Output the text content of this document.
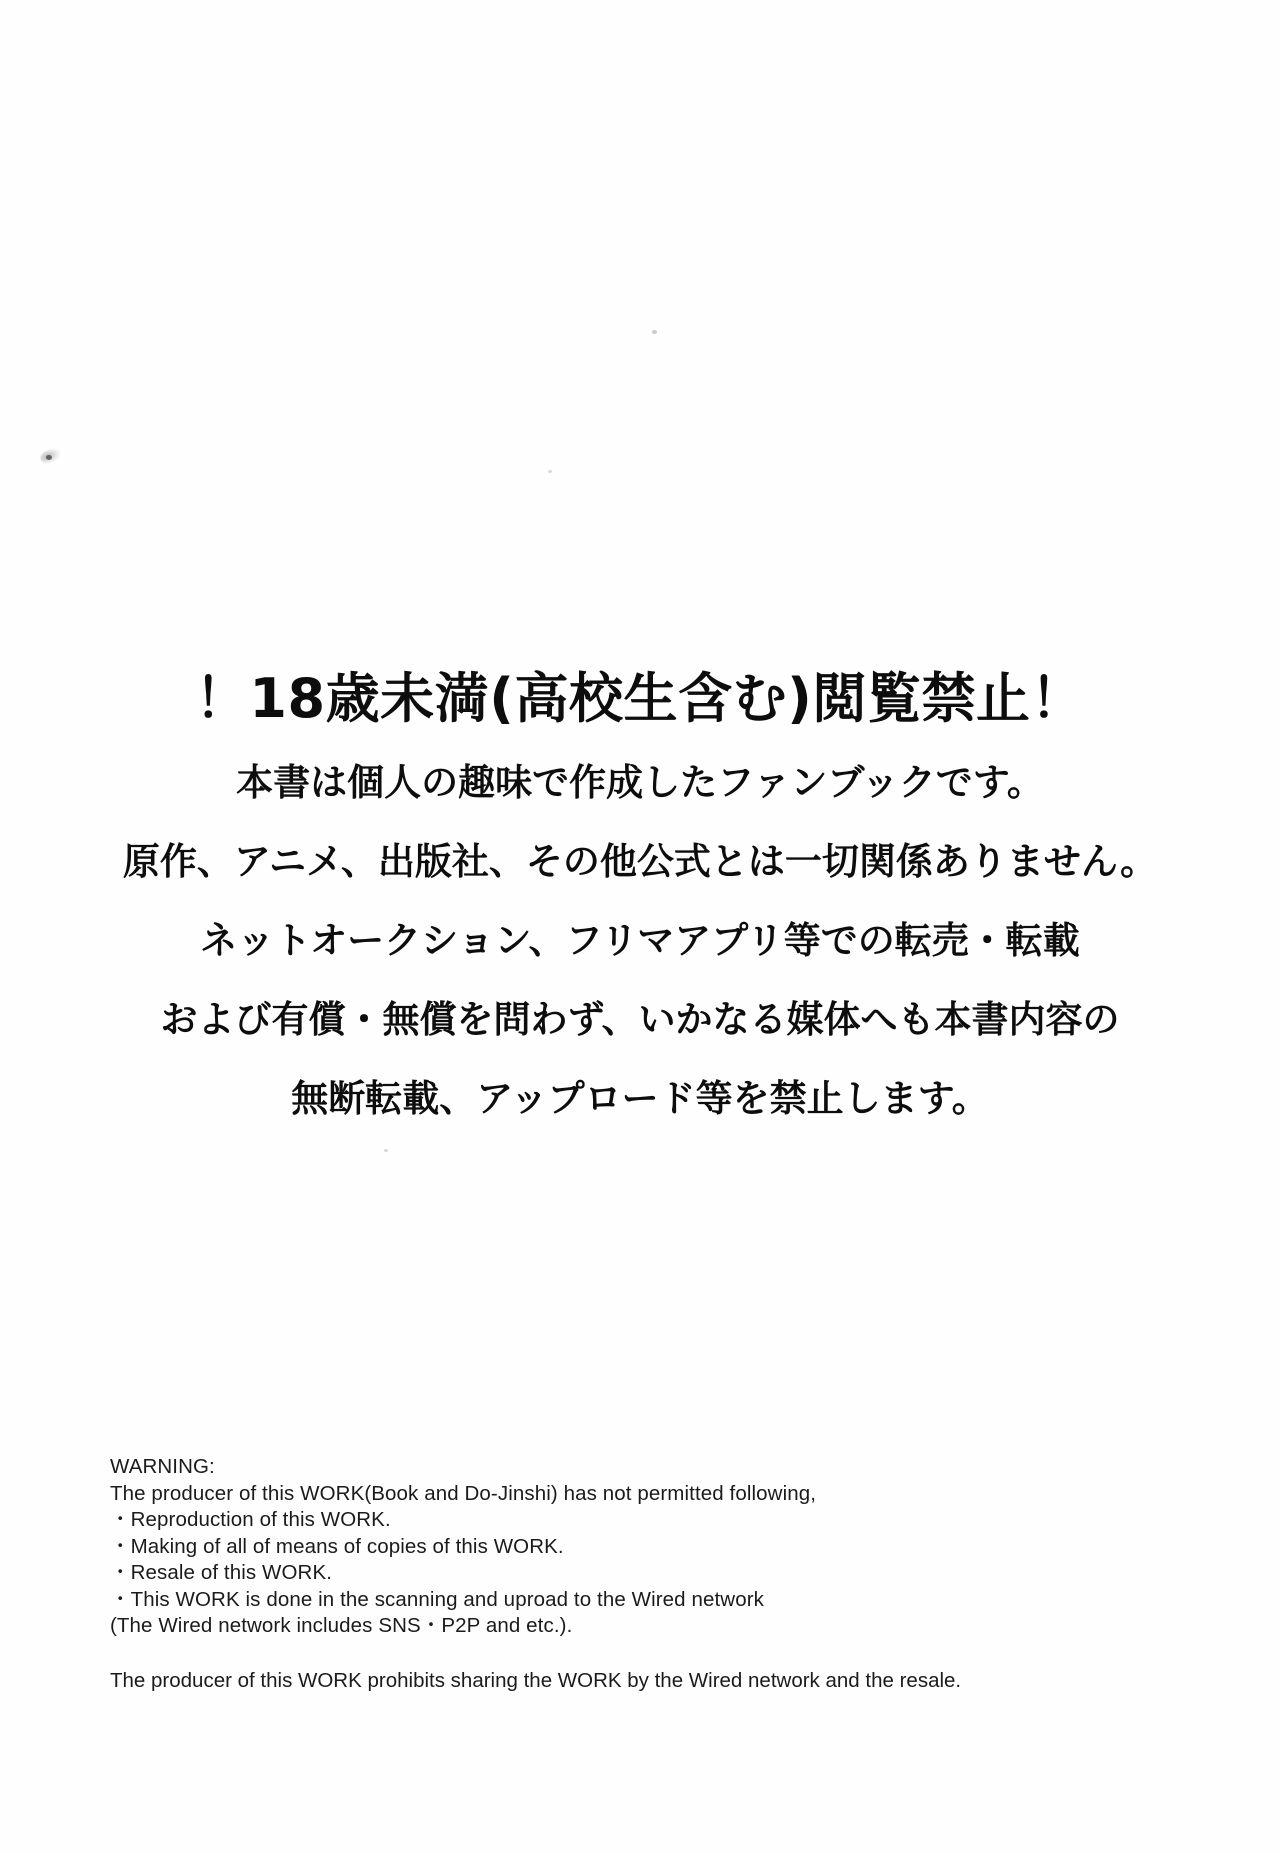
！18歳未満(高校生含む)閲覧禁止！
本書は個人の趣味で作成したファンブックです。
原作、アニメ、出版社、その他公式とは一切関係ありません。
ネットオークション、フリマアプリ等での転売・転載
および有償・無償を問わず、いかなる媒体へも本書内容の
無断転載、アップロード等を禁止します。
WARNING:
The producer of this WORK(Book and Do-Jinshi) has not permitted following,
・Reproduction of this WORK.
・Making of all of means of copies of this WORK.
・Resale of this WORK.
・This WORK is done in the scanning and uproad to the Wired network
(The Wired network includes SNS・P2P and etc.).
The producer of this WORK prohibits sharing the WORK by the Wired network and the resale.
